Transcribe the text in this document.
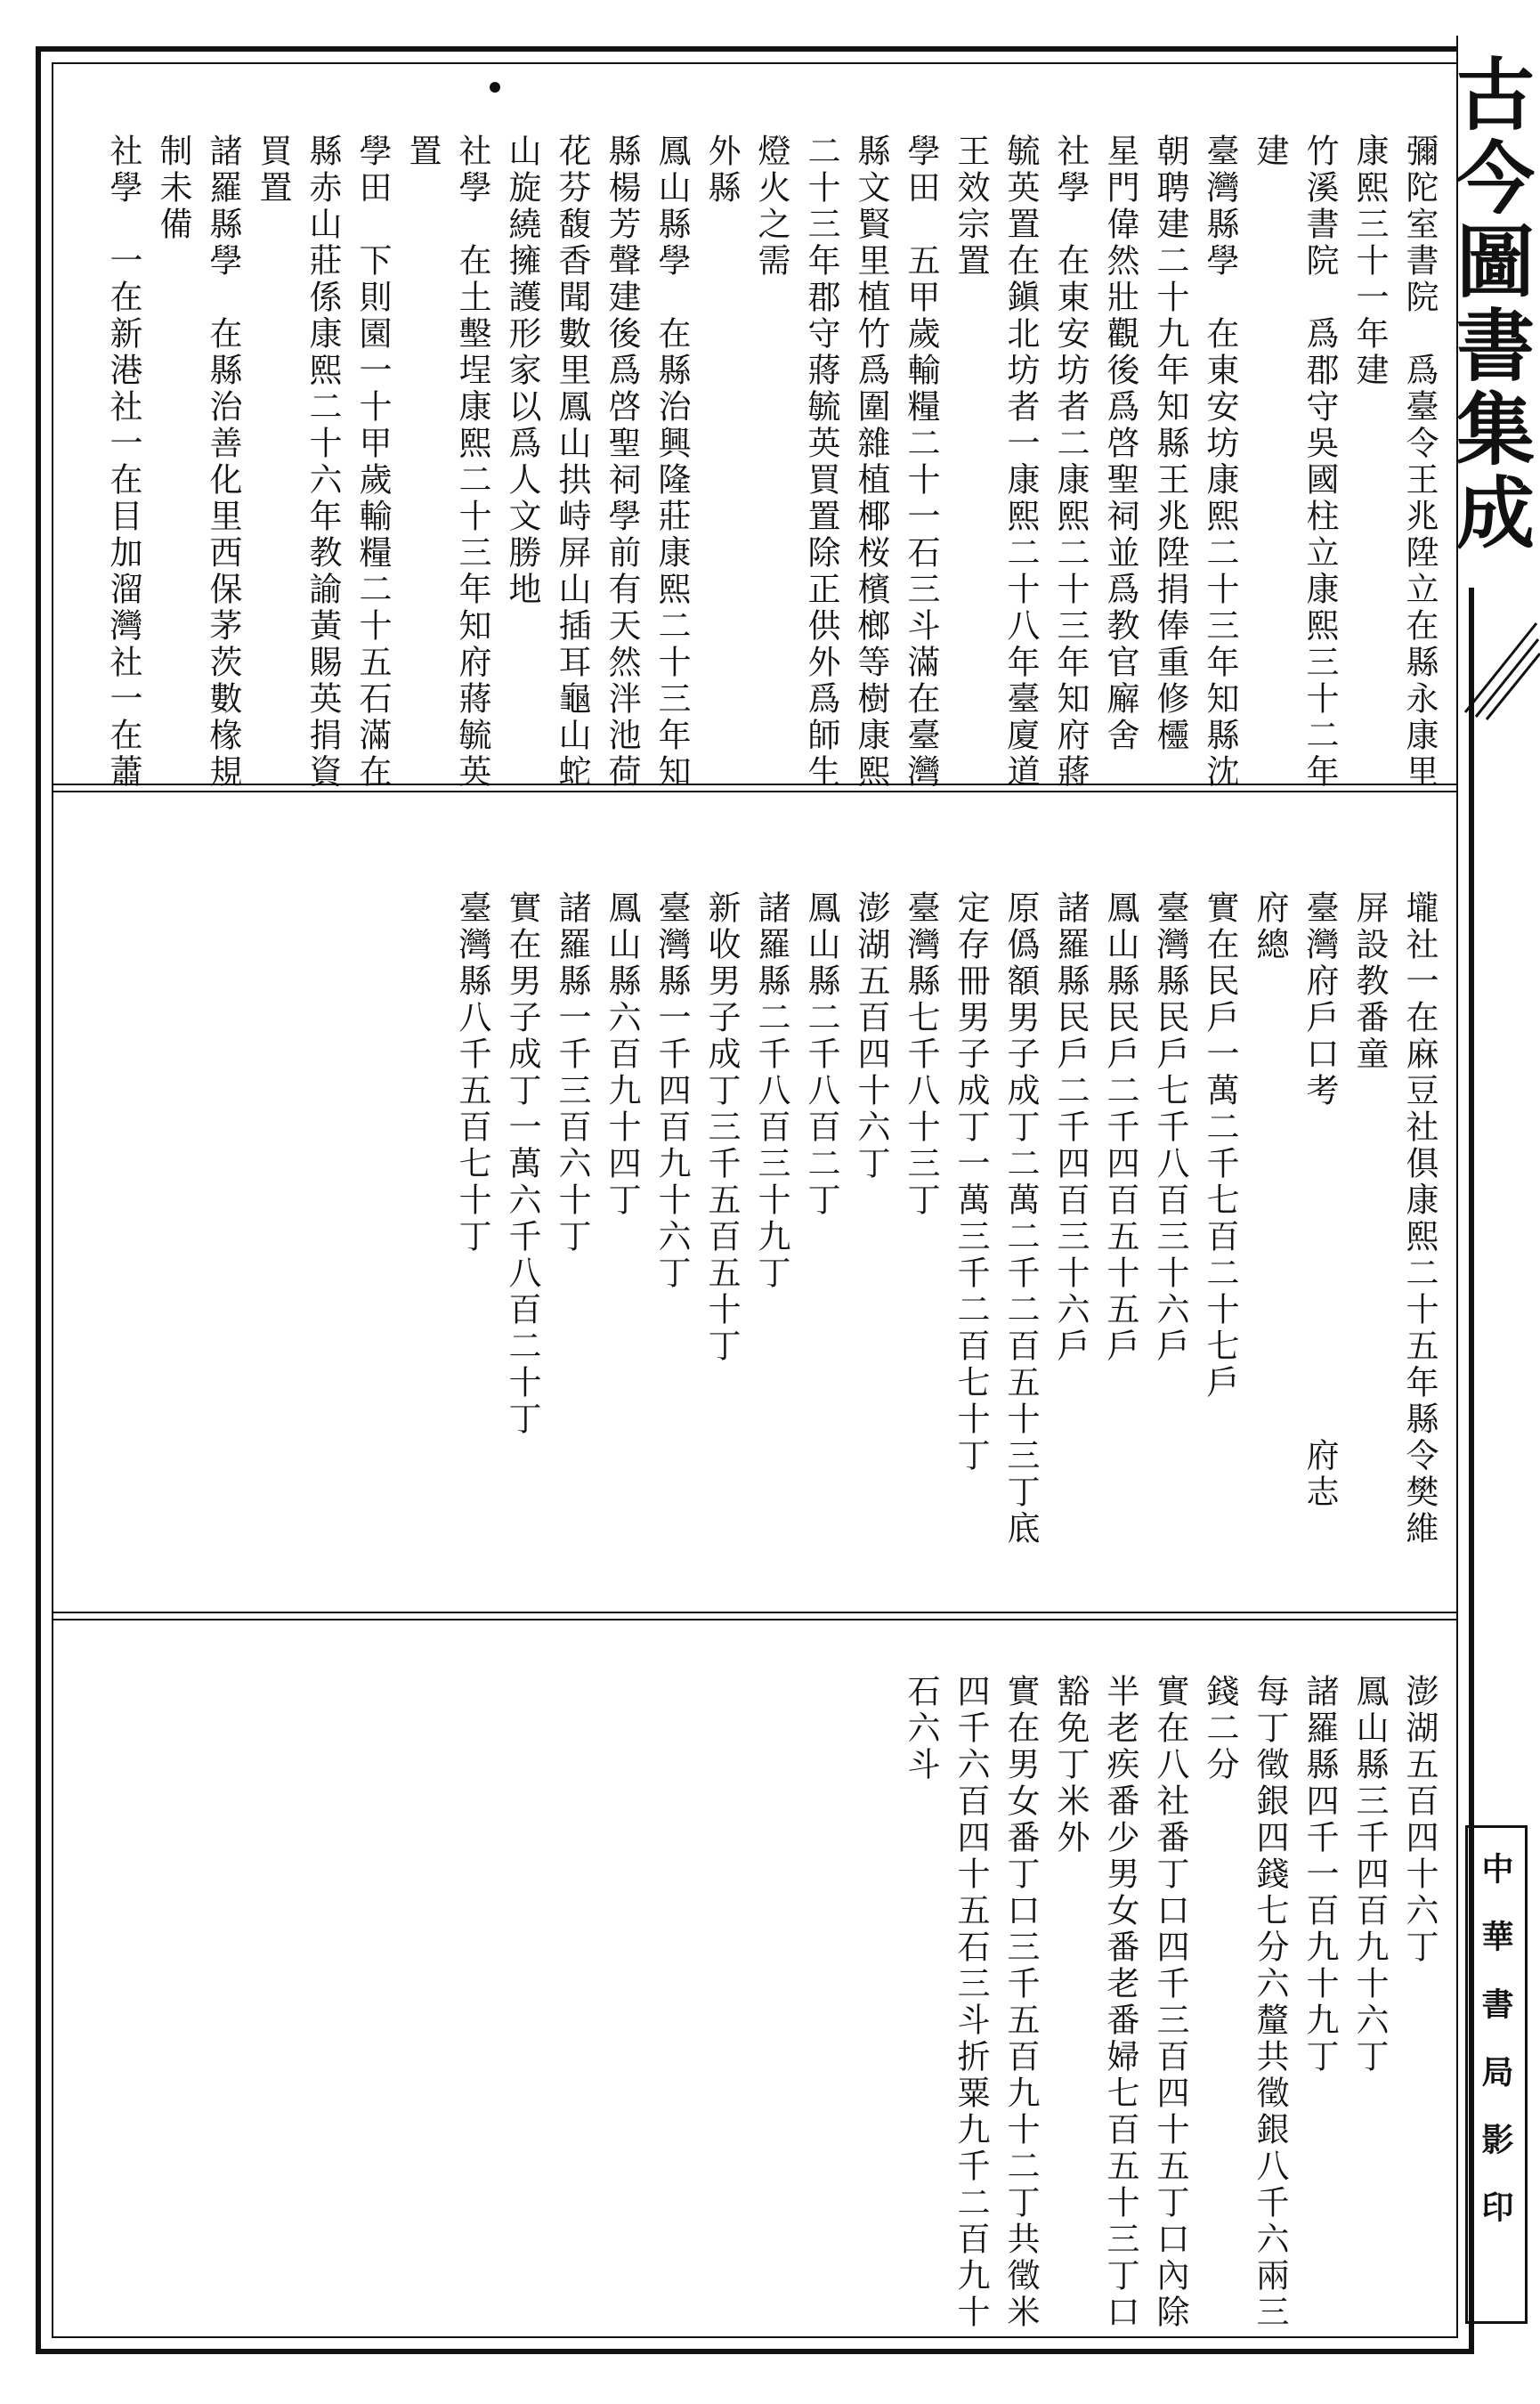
古今圖書集成
彌陀室書院　爲臺令王兆陞立在縣永康里
康熙三十一年建
竹溪書院　爲郡守吳國柱立康熙三十二年
建
臺灣縣學　在東安坊康熙二十三年知縣沈
朝聘建二十九年知縣王兆陞捐俸重修欞
星門偉然壯觀後爲啓聖祠並爲教官廨舍
社學　在東安坊者二康熙二十三年知府蔣
毓英置在鎭北坊者一康熙二十八年臺廈道
王效宗置
學田　五甲歲輸糧二十一石三斗滿在臺灣
縣文賢里植竹爲圍雜植椰桜檳榔等樹康熙
二十三年郡守蔣毓英買置除正供外爲師生
燈火之需
外縣
鳳山縣學　在縣治興隆莊康熙二十三年知
縣楊芳聲建後爲啓聖祠學前有天然泮池荷
花芬馥香聞數里鳳山拱峙屏山插耳龜山蛇
山旋繞擁護形家以爲人文勝地
社學　在土墼埕康熙二十三年知府蔣毓英
置
學田　下則園一十甲歲輸糧二十五石滿在
縣赤山莊係康熙二十六年教諭黃賜英捐資
買置
諸羅縣學　在縣治善化里西保茅茨數椽規
制未備
社學　一在新港社一在目加溜灣社一在蕭
壠社一在麻豆社俱康熙二十五年縣令樊維
屏設教番童
臺灣府戶口考　　　　　　　　　府志
府總
實在民戶一萬二千七百二十七戶
臺灣縣民戶七千八百三十六戶
鳳山縣民戶二千四百五十五戶
諸羅縣民戶二千四百三十六戶
原僞額男子成丁二萬二千二百五十三丁底
定存冊男子成丁一萬三千二百七十丁
臺灣縣七千八十三丁
澎湖五百四十六丁
鳳山縣二千八百二丁
諸羅縣二千八百三十九丁
新收男子成丁三千五百五十丁
臺灣縣一千四百九十六丁
鳳山縣六百九十四丁
諸羅縣一千三百六十丁
實在男子成丁一萬六千八百二十丁
臺灣縣八千五百七十丁
澎湖五百四十六丁
鳳山縣三千四百九十六丁
諸羅縣四千一百九十九丁
每丁徵銀四錢七分六釐共徵銀八千六兩三
錢二分
實在八社番丁口四千三百四十五丁口內除
半老疾番少男女番老番婦七百五十三丁口
豁免丁米外
實在男女番丁口三千五百九十二丁共徵米
四千六百四十五石三斗折粟九千二百九十
石六斗
中華書局影印
